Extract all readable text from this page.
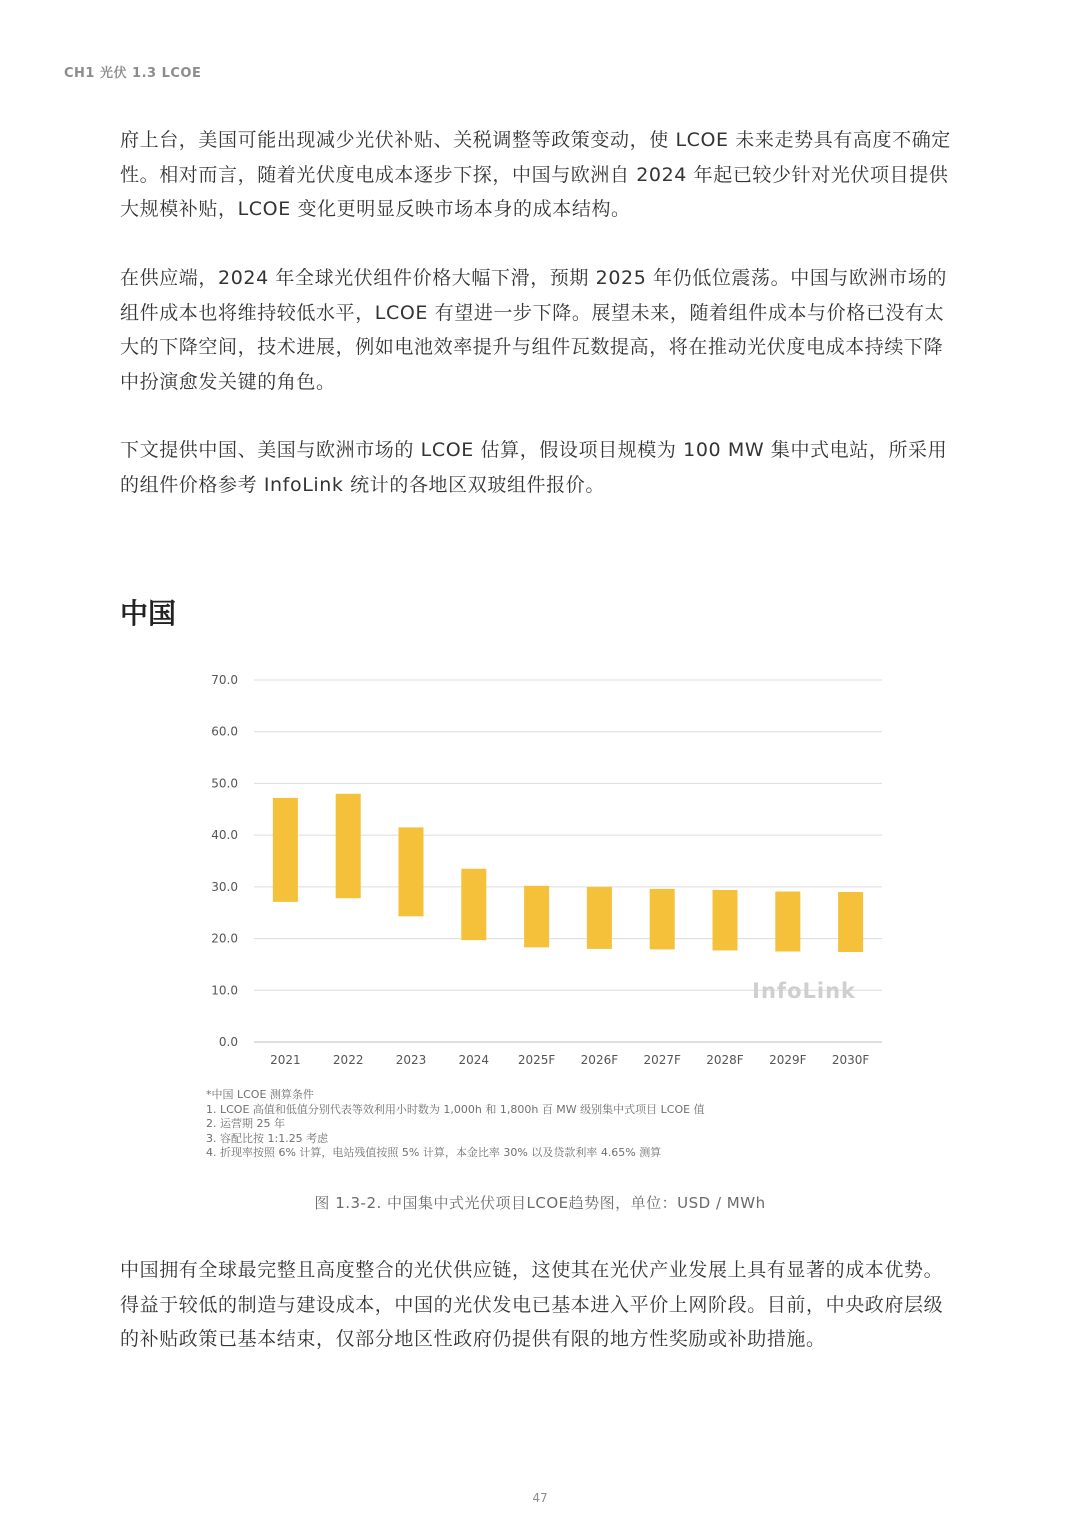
CH1 光伏 1.3 LCOE

府上台，美国可能出现减少光伏补贴、关税调整等政策变动，使 LCOE 未来走势具有高度不确定性。相对而言，随着光伏度电成本逐步下探，中国与欧洲自 2024 年起已较少针对光伏项目提供大规模补贴，LCOE 变化更明显反映市场本身的成本结构。

在供应端，2024 年全球光伏组件价格大幅下滑，预期 2025 年仍低位震荡。中国与欧洲市场的组件成本也将维持较低水平，LCOE 有望进一步下降。展望未来，随着组件成本与价格已没有太大的下降空间，技术进展，例如电池效率提升与组件瓦数提高，将在推动光伏度电成本持续下降中扮演愈发关键的角色。

下文提供中国、美国与欧洲市场的 LCOE 估算，假设项目规模为 100 MW 集中式电站，所采用的组件价格参考 InfoLink 统计的各地区双玻组件报价。

中国
0.0
10.0
20.0
30.0
40.0
50.0
60.0
70.0
InfoLink
2021	2022	2023	2024 2025F 2026F 2027F 2028F 2029F 2030F
*中国 LCOE 测算条件
1. LCOE 高值和低值分别代表等效利用小时数为 1,000h 和 1,800h 百 MW 级别集中式项目 LCOE 值
2. 运营期 25 年
3. 容配比按 1:1.25 考虑
4. 折现率按照 6% 计算，电站残值按照 5% 计算，本金比率 30% 以及贷款利率 4.65% 测算
图 1.3-2. 中国集中式光伏项目LCOE趋势图，单位：USD / MWh

中国拥有全球最完整且高度整合的光伏供应链，这使其在光伏产业发展上具有显著的成本优势。得益于较低的制造与建设成本，中国的光伏发电已基本进入平价上网阶段。目前，中央政府层级的补贴政策已基本结束，仅部分地区性政府仍提供有限的地方性奖励或补助措施。

47
